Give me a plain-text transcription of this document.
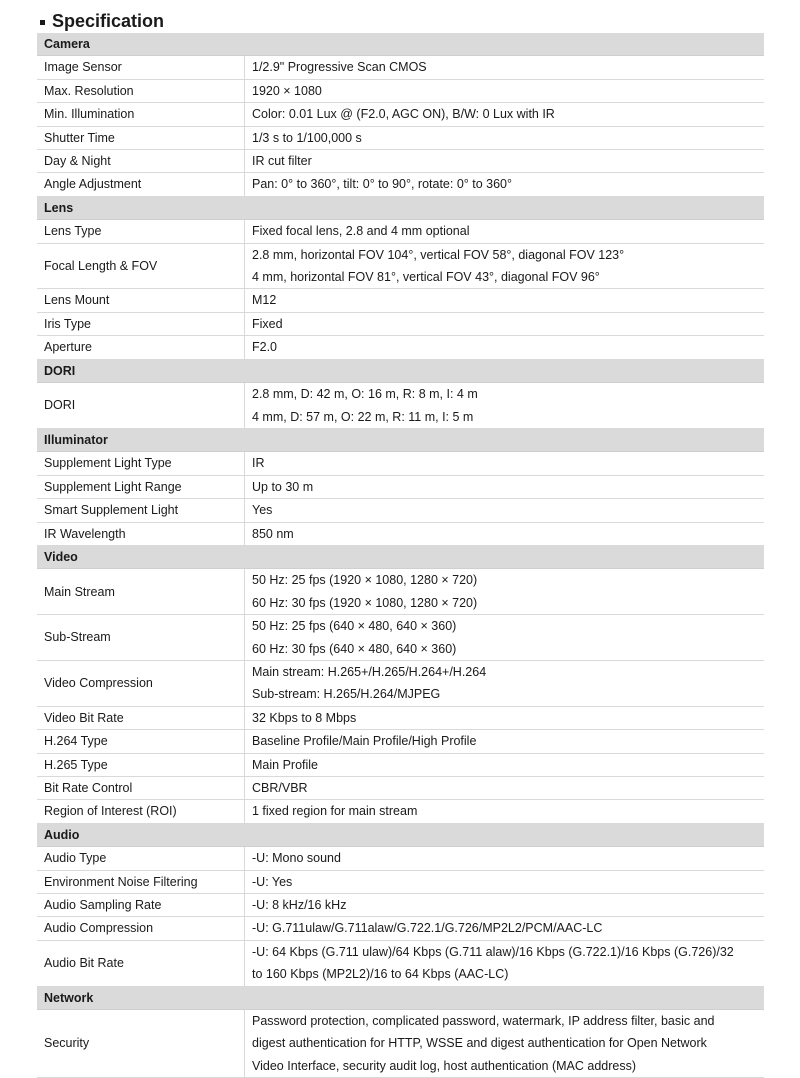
Specification
Camera	
Image Sensor	1/2.9" Progressive Scan CMOS

Max. Resolution	1920 × 1080

Min. Illumination	Color: 0.01 Lux @ (F2.0, AGC ON), B/W: 0 Lux with IR

Shutter Time	1/3 s to 1/100,000 s

Day & Night	IR cut filter

Angle Adjustment	Pan: 0° to 360°, tilt: 0° to 90°, rotate: 0° to 360°

Lens	
Lens Type	Fixed focal lens, 2.8 and 4 mm optional

Focal Length & FOV	2.8 mm, horizontal FOV 104°, vertical FOV 58°, diagonal FOV 123°
4 mm, horizontal FOV 81°, vertical FOV 43°, diagonal FOV 96°

Lens Mount	M12

Iris Type	Fixed

Aperture	F2.0

DORI	
DORI	2.8 mm, D: 42 m, O: 16 m, R: 8 m, I: 4 m
4 mm, D: 57 m, O: 22 m, R: 11 m, I: 5 m

Illuminator	
Supplement Light Type	IR

Supplement Light Range	Up to 30 m

Smart Supplement Light	Yes

IR Wavelength	850 nm

Video	
Main Stream	50 Hz: 25 fps (1920 × 1080, 1280 × 720)
60 Hz: 30 fps (1920 × 1080, 1280 × 720)

Sub-Stream	50 Hz: 25 fps (640 × 480, 640 × 360)
60 Hz: 30 fps (640 × 480, 640 × 360)

Video Compression	Main stream: H.265+/H.265/H.264+/H.264
Sub-stream: H.265/H.264/MJPEG

Video Bit Rate	32 Kbps to 8 Mbps

H.264 Type	Baseline Profile/Main Profile/High Profile

H.265 Type	Main Profile

Bit Rate Control	CBR/VBR

Region of Interest (ROI)	1 fixed region for main stream

Audio	
Audio Type	-U: Mono sound

Environment Noise Filtering	-U: Yes

Audio Sampling Rate	-U: 8 kHz/16 kHz

Audio Compression	-U: G.711ulaw/G.711alaw/G.722.1/G.726/MP2L2/PCM/AAC-LC

Audio Bit Rate	-U: 64 Kbps (G.711 ulaw)/64 Kbps (G.711 alaw)/16 Kbps (G.722.1)/16 Kbps (G.726)/32
to 160 Kbps (MP2L2)/16 to 64 Kbps (AAC-LC)

Network	
Security	Password protection, complicated password, watermark, IP address filter, basic and
digest authentication for HTTP, WSSE and digest authentication for Open Network
Video Interface, security audit log, host authentication (MAC address)
